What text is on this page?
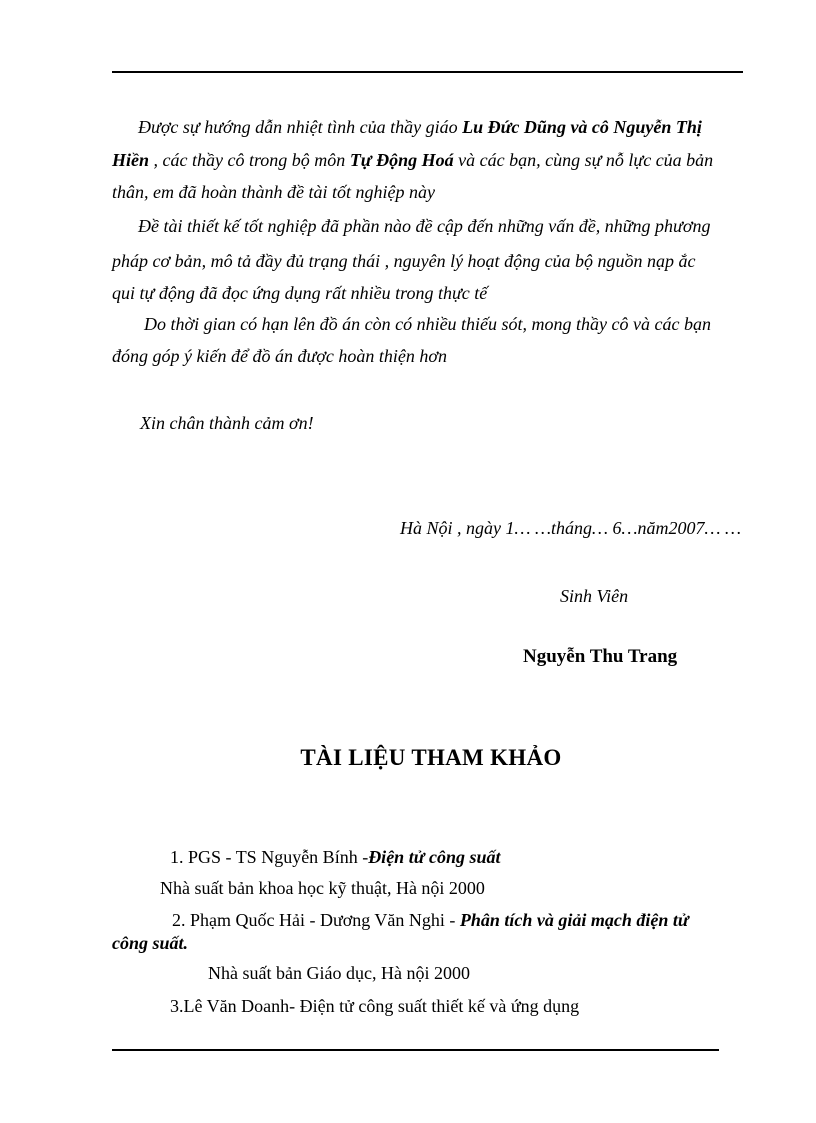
Được sự hướng dẫn nhiệt tình của thầy giáo Lu Đức Dũng và cô Nguyễn Thị
Hiền , các thầy cô trong bộ môn Tự Động Hoá và các bạn, cùng sự nỗ lực của bản
thân, em đã hoàn thành đề tài tốt nghiệp này
Đề tài thiết kế tốt nghiệp đã phần nào đề cập đến những vấn đề, những phương
pháp cơ bản, mô tả đầy đủ trạng thái , nguyên lý hoạt động của bộ nguồn nạp ắc
qui tự động đã đọc ứng dụng rất nhiều trong thực tế
Do thời gian có hạn lên đồ án còn có nhiều thiếu sót, mong thầy cô và các bạn
đóng góp ý kiến để đồ án được hoàn thiện hơn
Xin chân thành cảm ơn!
Hà Nội , ngày 1… …tháng… 6…năm2007… …
Sinh Viên
Nguyễn Thu Trang
TÀI LIỆU THAM KHẢO
1. PGS - TS Nguyễn Bính -Điện tử công suất
Nhà suất bản khoa học kỹ thuật, Hà nội 2000
2. Phạm Quốc Hải - Dương Văn Nghi - Phân tích và giải mạch điện tử
công suất.
Nhà suất bản Giáo dục, Hà nội 2000
3.Lê Văn Doanh- Điện tử công suất thiết kế và ứng dụng
